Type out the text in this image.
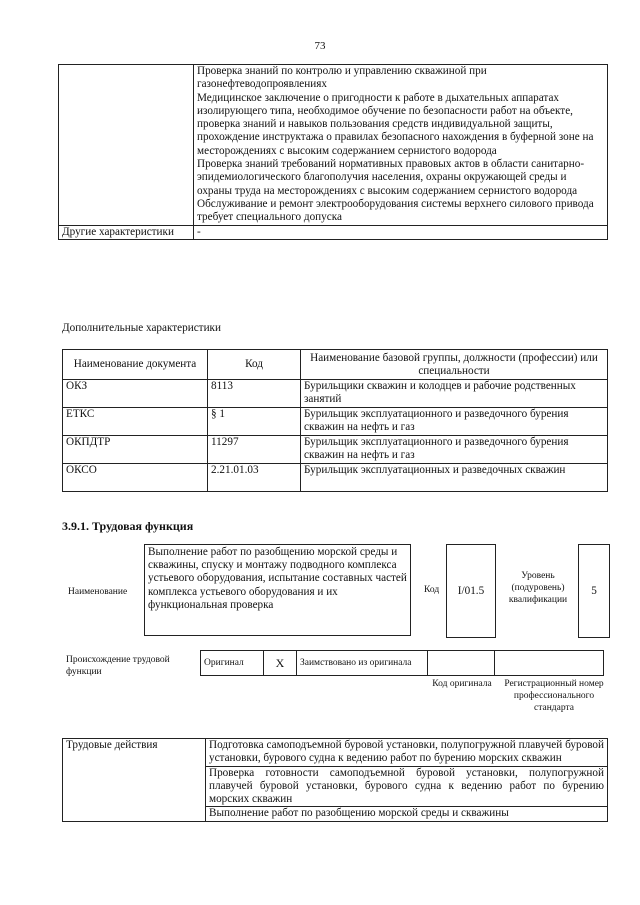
73

	Проверка знаний по контролю и управлению скважиной при газонефтеводопроявлениях
Медицинское заключение о пригодности к работе в дыхательных аппаратах изолирующего типа, необходимое обучение по безопасности работ на объекте, проверка знаний и навыков пользования средств индивидуальной защиты, прохождение инструктажа о правилах безопасного нахождения в буферной зоне на месторождениях с высоким содержанием сернистого водорода
Проверка знаний требований нормативных правовых актов в области санитарно-эпидемиологического благополучия населения, охраны окружающей среды и охраны труда на месторождениях с высоким содержанием сернистого водорода
Обслуживание и ремонт электрооборудования системы верхнего силового привода требует специального допуска

Другие характеристики	-
Дополнительные характеристики
Наименование документа	Код	Наименование базовой группы, должности (профессии) или специальности
ОКЗ	8113	Бурильщики скважин и колодцев и рабочие родственных занятий
ЕТКС	§ 1	Бурильщик эксплуатационного и разведочного бурения скважин на нефть и газ
ОКПДТР	11297	Бурильщик эксплуатационного и разведочного бурения скважин на нефть и газ
ОКСО	2.21.01.03	Бурильщик эксплуатационных и разведочных скважин
3.9.1. Трудовая функция
Наименование
Выполнение работ по разобщению морской среды и скважины, спуску и монтажу подводного комплекса устьевого оборудования, испытание составных частей комплекса устьевого оборудования и их функциональная проверка
Код	I/01.5
Уровень (подуровень) квалификации
5
Происхождение трудовой функции
Оригинал	X	Заимствовано из оригинала		
Код оригинала	Регистрационный номер профессионального стандарта
Трудовые действия	Подготовка самоподъемной буровой установки, полупогружной плавучей буровой установки, бурового судна к ведению работ по бурению морских скважин
Проверка готовности самоподъемной буровой установки, полупогружной плавучей буровой установки, бурового судна к ведению работ по бурению морских скважин
Выполнение работ по разобщению морской среды и скважины
